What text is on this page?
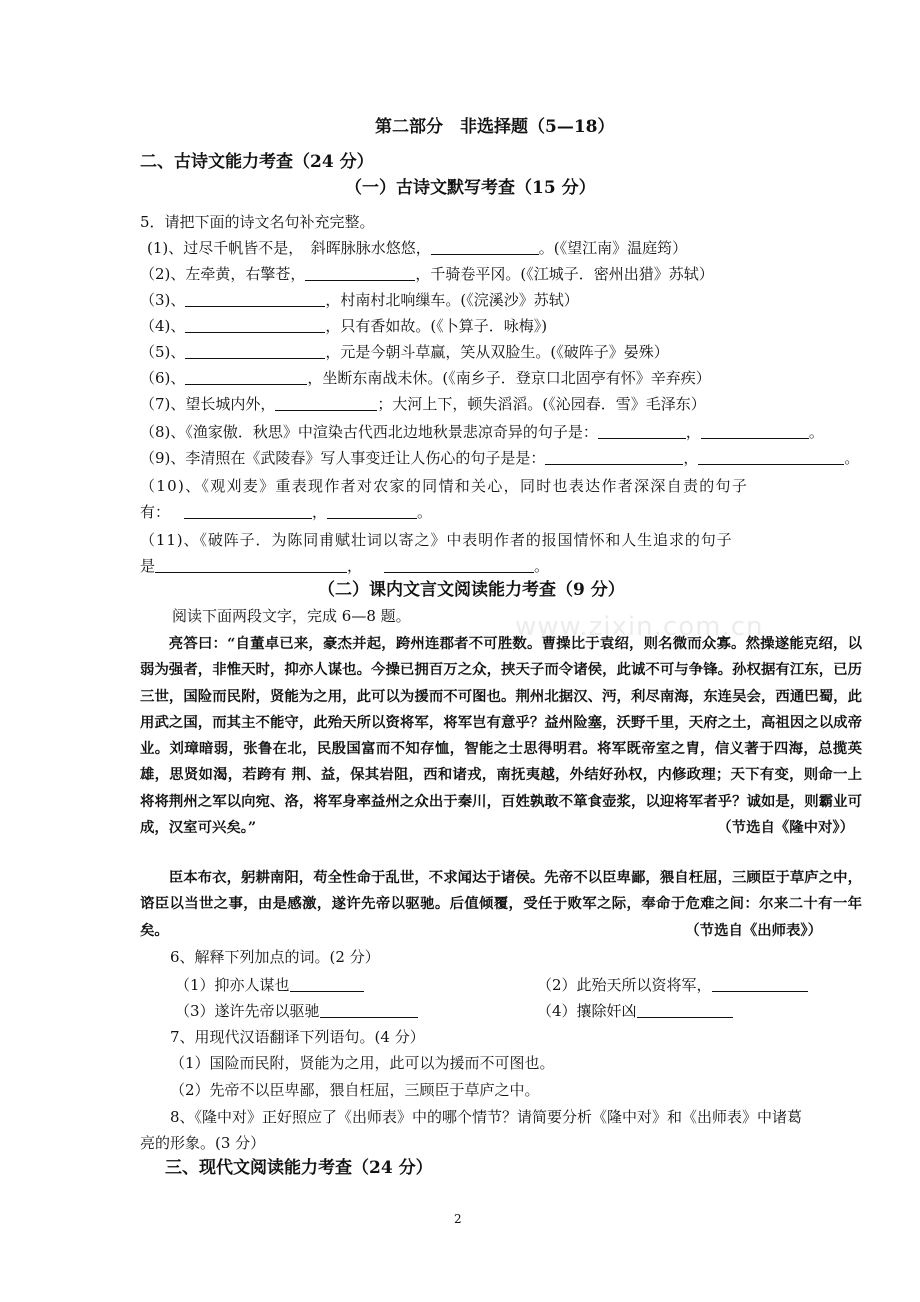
第二部分　非选择题（5—18）
二、古诗文能力考查（24 分）
（一）古诗文默写考查（15 分）
5．请把下面的诗文名句补充完整。
(1)、过尽千帆皆不是，　斜晖脉脉水悠悠，	。(《望江南》温庭筠）
（2)、左牵黄，右擎苍，	，千骑卷平冈。(《江城子．密州出猎》苏轼）
（3)、	，村南村北响缫车。(《浣溪沙》苏轼）
（4)、	，只有香如故。(《卜算子．咏梅》)
（5)、	，元是今朝斗草赢，笑从双脸生。(《破阵子》晏殊）
（6)、	，坐断东南战未休。(《南乡子．登京口北固亭有怀》辛弃疾）
（7)、望长城内外，	；大河上下，顿失滔滔。(《沁园春．雪》毛泽东）
（8)、《渔家傲．秋思》中渲染古代西北边地秋景悲凉奇异的句子是：	，	。
（9)、李清照在《武陵春》写人事变迁让人伤心的句子是是：	，	。
（10)、《观刈麦》重表现作者对农家的同情和关心，同时也表达作者深深自责的句子
有：	，	。
（11)、《破阵子．为陈同甫赋壮词以寄之》中表明作者的报国情怀和人生追求的句子
是	，	。
（二）课内文言文阅读能力考查（9 分）
阅读下面两段文字，完成 6—8 题。

亮答曰：“自董卓已来，豪杰并起，跨州连郡者不可胜数。曹操比于袁绍，则名微而众寡。然操遂能克绍，以弱为强者，非惟天时，抑亦人谋也。今操已拥百万之众，挟天子而令诸侯，此诚不可与争锋。孙权据有江东，已历三世，国险而民附，贤能为之用，此可以为援而不可图也。荆州北据汉、沔，利尽南海，东连吴会，西通巴蜀，此用武之国，而其主不能守，此殆天所以资将军，将军岂有意乎？益州险塞，沃野千里，天府之土，高祖因之以成帝业。刘璋暗弱，张鲁在北，民殷国富而不知存恤，智能之士思得明君。将军既帝室之胄，信义著于四海，总揽英雄，思贤如渴，若跨有 荆、益，保其岩阻，西和诸戎，南抚夷越，外结好孙权，内修政理；天下有变，则命一上将将荆州之军以向宛、洛，将军身率益州之众出于秦川，百姓孰敢不箪食壶浆，以迎将军者乎？诚如是，则霸业可成，汉室可兴矣。”	（节选自《隆中对》）

臣本布衣，躬耕南阳，苟全性命于乱世，不求闻达于诸侯。先帝不以臣卑鄙，猥自枉屈，三顾臣于草庐之中，谘臣以当世之事，由是感激，遂许先帝以驱驰。后值倾覆，受任于败军之际，奉命于危难之间：尔来二十有一年矣。	（节选自《出师表》）

6、解释下列加点的词。(2 分）
（1）抑亦人谋也	（2）此殆天所以资将军，
（3）遂许先帝以驱驰	（4）攘除奸凶
7、用现代汉语翻译下列语句。(4 分）
（1）国险而民附，贤能为之用，此可以为援而不可图也。
（2）先帝不以臣卑鄙，猥自枉屈，三顾臣于草庐之中。
8、《隆中对》正好照应了《出师表》中的哪个情节？请简要分析《隆中对》和《出师表》中诸葛
亮的形象。(3 分）
三、现代文阅读能力考查（24 分）
www.zixin.com.cn
2
